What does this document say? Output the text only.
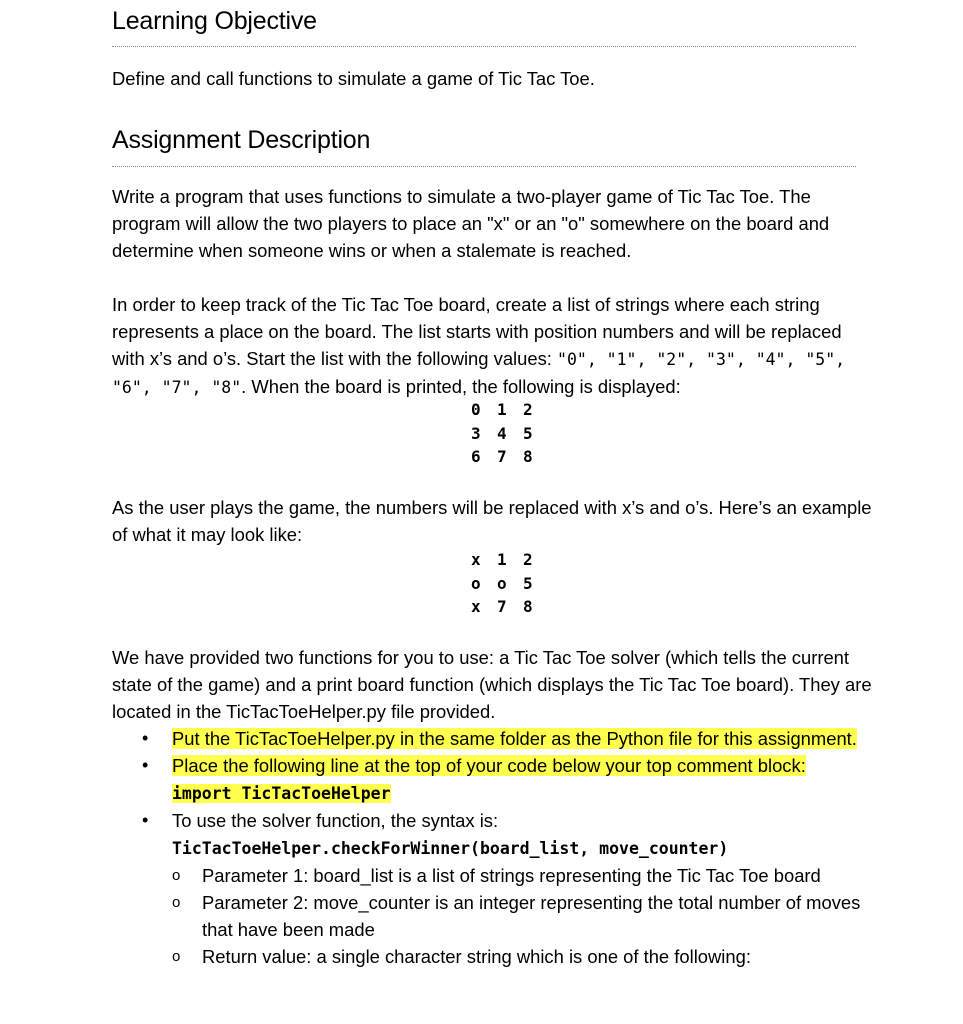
Learning Objective

Define and call functions to simulate a game of Tic Tac Toe.

Assignment Description

Write a program that uses functions to simulate a two-player game of Tic Tac Toe. The program will allow the two players to place an "x" or an "o" somewhere on the board and determine when someone wins or when a stalemate is reached.

In order to keep track of the Tic Tac Toe board, create a list of strings where each string represents a place on the board. The list starts with position numbers and will be replaced with x’s and o’s. Start the list with the following values: "0", "1", "2", "3", "4", "5", "6", "7", "8". When the board is printed, the following is displayed:

0 1 2
3 4 5
6 7 8

As the user plays the game, the numbers will be replaced with x’s and o’s. Here’s an example of what it may look like:

x 1 2
o o 5
x 7 8

We have provided two functions for you to use: a Tic Tac Toe solver (which tells the current state of the game) and a print board function (which displays the Tic Tac Toe board). They are located in the TicTacToeHelper.py file provided.

• Put the TicTacToeHelper.py in the same folder as the Python file for this assignment.
• Place the following line at the top of your code below your top comment block:
import TicTacToeHelper
• To use the solver function, the syntax is:
TicTacToeHelper.checkForWinner(board_list, move_counter)
o Parameter 1: board_list is a list of strings representing the Tic Tac Toe board
o Parameter 2: move_counter is an integer representing the total number of moves that have been made
o Return value: a single character string which is one of the following:
